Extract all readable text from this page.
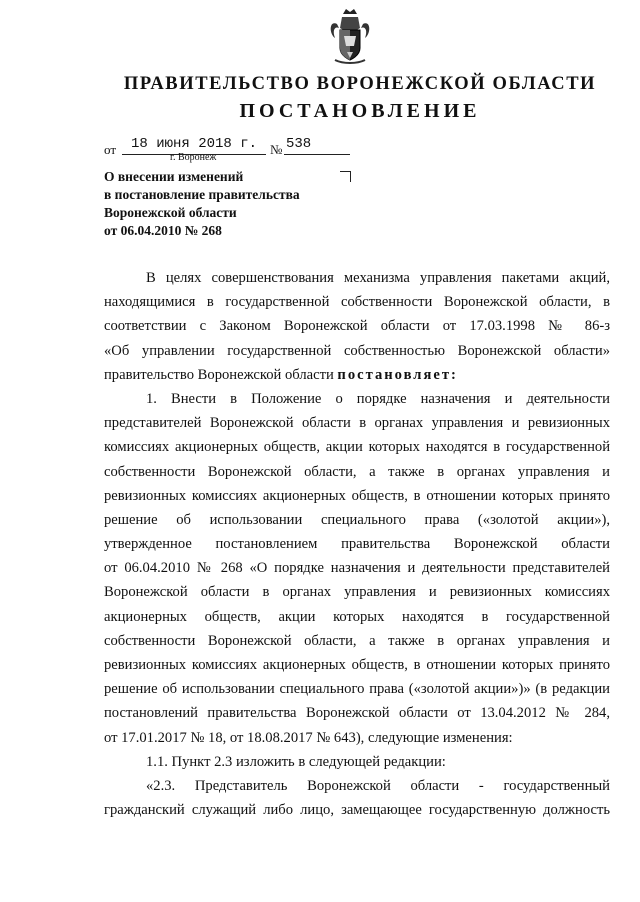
ПРАВИТЕЛЬСТВО ВОРОНЕЖСКОЙ ОБЛАСТИ
ПОСТАНОВЛЕНИЕ
от	18 июня 2018 г. № 538
г. Воронеж
О внесении изменений
в постановление правительства
Воронежской области
от 06.04.2010 № 268
В целях совершенствования механизма управления пакетами акций,
находящимися в государственной собственности Воронежской области, в
соответствии с Законом Воронежской области от 17.03.1998 № 86-з
«Об управлении государственной собственностью Воронежской области»
правительство Воронежской области постановляет:
1. Внести в Положение о порядке назначения и деятельности
представителей Воронежской области в органах управления и ревизионных
комиссиях акционерных обществ, акции которых находятся в государственной
собственности Воронежской области, а также в органах управления и
ревизионных комиссиях акционерных обществ, в отношении которых принято
решение об использовании специального права («золотой акции»),
утвержденное постановлением правительства Воронежской области
от 06.04.2010 № 268 «О порядке назначения и деятельности представителей
Воронежской области в органах управления и ревизионных комиссиях
акционерных обществ, акции которых находятся в государственной
собственности Воронежской области, а также в органах управления и
ревизионных комиссиях акционерных обществ, в отношении которых принято
решение об использовании специального права («золотой акции»)» (в редакции
постановлений правительства Воронежской области от 13.04.2012 № 284,
от 17.01.2017 № 18, от 18.08.2017 № 643), следующие изменения:
1.1. Пункт 2.3 изложить в следующей редакции:
«2.3. Представитель Воронежской области - государственный
гражданский служащий либо лицо, замещающее государственную должность
